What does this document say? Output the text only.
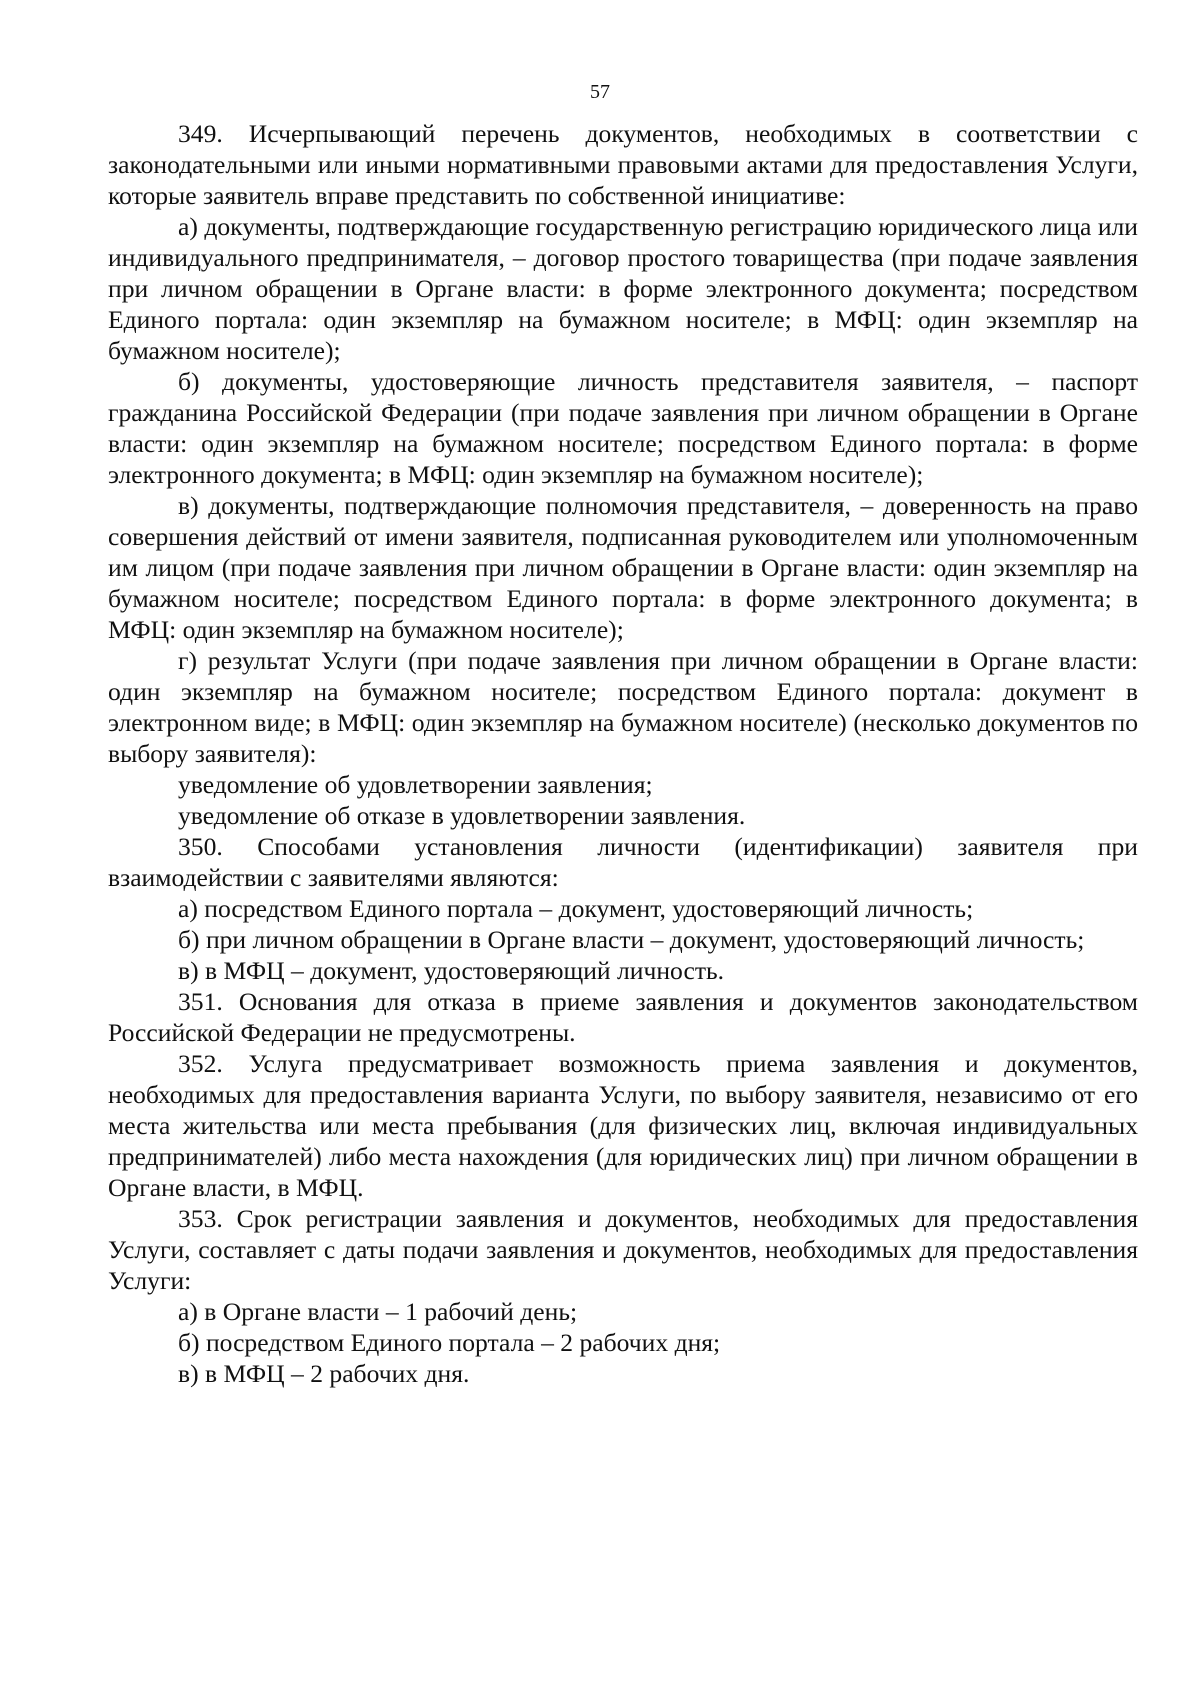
57

349. Исчерпывающий перечень документов, необходимых в соответствии с законодательными или иными нормативными правовыми актами для предоставления Услуги, которые заявитель вправе представить по собственной инициативе:

а) документы, подтверждающие государственную регистрацию юридического лица или индивидуального предпринимателя, – договор простого товарищества (при подаче заявления при личном обращении в Органе власти: в форме электронного документа; посредством Единого портала: один экземпляр на бумажном носителе; в МФЦ: один экземпляр на бумажном носителе);

б) документы, удостоверяющие личность представителя заявителя, – паспорт гражданина Российской Федерации (при подаче заявления при личном обращении в Органе власти: один экземпляр на бумажном носителе; посредством Единого портала: в форме электронного документа; в МФЦ: один экземпляр на бумажном носителе);

в) документы, подтверждающие полномочия представителя, – доверенность на право совершения действий от имени заявителя, подписанная руководителем или уполномоченным им лицом (при подаче заявления при личном обращении в Органе власти: один экземпляр на бумажном носителе; посредством Единого портала: в форме электронного документа; в МФЦ: один экземпляр на бумажном носителе);

г) результат Услуги (при подаче заявления при личном обращении в Органе власти: один экземпляр на бумажном носителе; посредством Единого портала: документ в электронном виде; в МФЦ: один экземпляр на бумажном носителе) (несколько документов по выбору заявителя):

уведомление об удовлетворении заявления;

уведомление об отказе в удовлетворении заявления.

350. Способами установления личности (идентификации) заявителя при взаимодействии с заявителями являются:

а) посредством Единого портала – документ, удостоверяющий личность;

б) при личном обращении в Органе власти – документ, удостоверяющий личность;

в) в МФЦ – документ, удостоверяющий личность.

351. Основания для отказа в приеме заявления и документов законодательством Российской Федерации не предусмотрены.

352. Услуга предусматривает возможность приема заявления и документов, необходимых для предоставления варианта Услуги, по выбору заявителя, независимо от его места жительства или места пребывания (для физических лиц, включая индивидуальных предпринимателей) либо места нахождения (для юридических лиц) при личном обращении в Органе власти, в МФЦ.

353. Срок регистрации заявления и документов, необходимых для предоставления Услуги, составляет с даты подачи заявления и документов, необходимых для предоставления Услуги:

а) в Органе власти – 1 рабочий день;

б) посредством Единого портала – 2 рабочих дня;

в) в МФЦ – 2 рабочих дня.
